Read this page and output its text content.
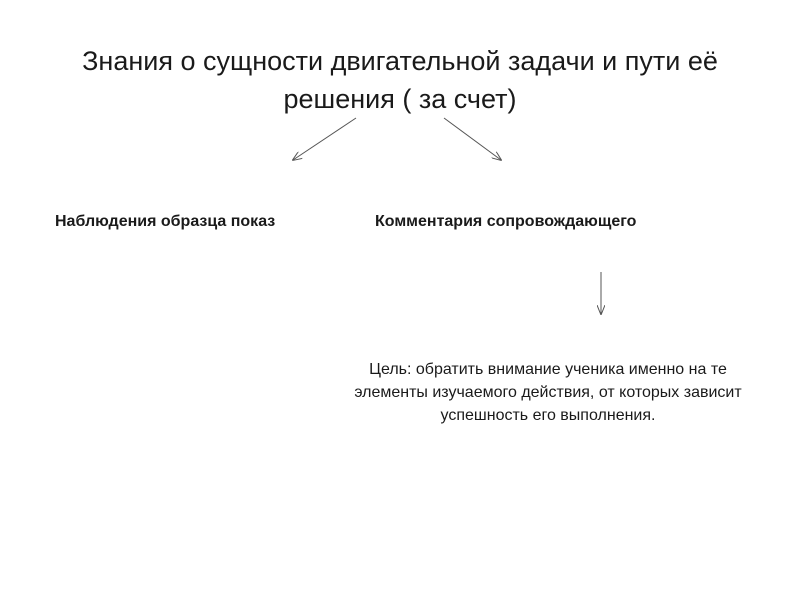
Знания о сущности двигательной задачи и пути её
решения ( за счет)
Наблюдения образца показ	Комментария сопровождающего
Цель: обратить внимание ученика именно на те
элементы изучаемого действия, от которых зависит
успешность его выполнения.
